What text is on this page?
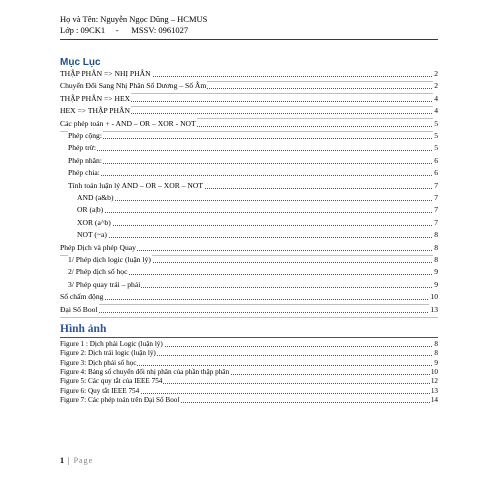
Họ và Tên: Nguyễn Ngọc Dũng – HCMUS
Lớp : 09CK1     -      MSSV: 0961027
Mục Lục
THẬP PHÂN => NHỊ PHÂN	2
Chuyển Đổi Sang Nhị Phân Số Dương – Số Âm	2
THẬP PHÂN => HEX	4
HEX => THẬP PHÂN	4
Các phép toán + - AND – OR – XOR - NOT	5
Phép cộng:	5
Phép trừ:	5
Phép nhân:	6
Phép chia:	6
Tính toán luận lý AND – OR – XOR – NOT	7
AND (a&b)	7
OR (a|b)	7
XOR (a^b)	7
NOT (~a)	8
Phép Dịch và phép Quay	8
1/ Phép dịch logic (luận lý)	8
2/ Phép dịch số học	9
3/ Phép quay trái – phải	9
Số chấm động	10
Đại Số Bool	13
Hình ảnh
Figure 1 : Dịch phải Logic (luận lý)	8
Figure 2: Dịch trái logic (luận lý)	8
Figure 3: Dịch phải số học	9
Figure 4: Bảng số chuyển đổi nhị phân của phần thập phân	10
Figure 5: Các quy tắt của IEEE 754	12
Figure 6: Quy tắt IEEE 754	13
Figure 7: Các phép toán trên Đại Số Bool	14
1 | Page
